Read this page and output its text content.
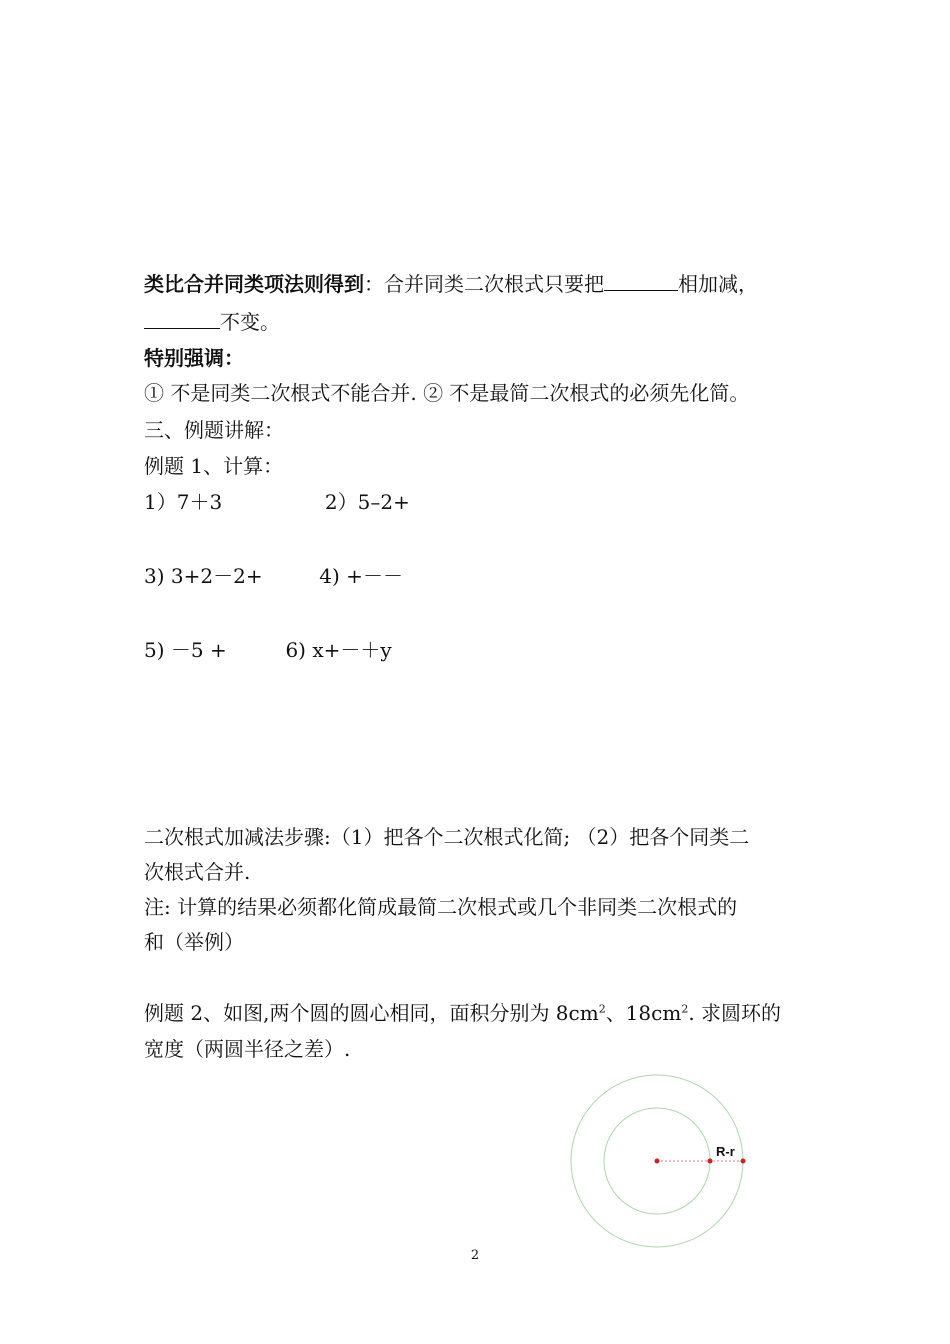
类比合并同类项法则得到：合并同类二次根式只要把	相加减，
不变。
特别强调：
① 不是同类二次根式不能合并. ② 不是最简二次根式的必须先化简。
三、例题讲解：
例题 1、计算：
1）7＋3	2）5–2+
3) 3+2－2+	4) +－－
5) －5 +	6) x+－＋y
二次根式加减法步骤:（1）把各个二次根式化简; （2）把各个同类二
次根式合并.
注: 计算的结果必须都化简成最简二次根式或几个非同类二次根式的
和（举例）
例题 2、如图,两个圆的圆心相同，面积分别为 $8cm^2$、$18cm^2$. 求圆环的
宽度（两圆半径之差）.
R-r
2
